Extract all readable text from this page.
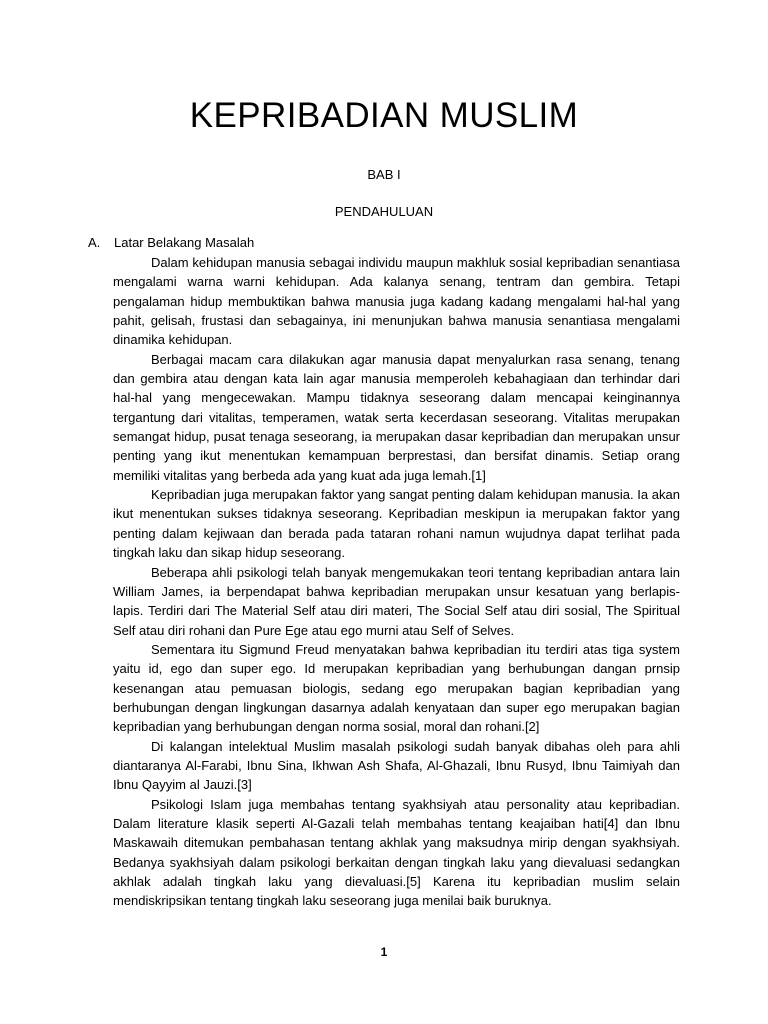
KEPRIBADIAN MUSLIM
BAB I
PENDAHULUAN
A. Latar Belakang Masalah

Dalam kehidupan manusia sebagai individu maupun makhluk sosial kepribadian senantiasa mengalami warna warni kehidupan. Ada kalanya senang, tentram dan gembira. Tetapi pengalaman hidup membuktikan bahwa manusia juga kadang kadang mengalami hal-hal yang pahit, gelisah, frustasi dan sebagainya, ini menunjukan bahwa manusia senantiasa mengalami dinamika kehidupan.

Berbagai macam cara dilakukan agar manusia dapat menyalurkan rasa senang, tenang dan gembira atau dengan kata lain agar manusia memperoleh kebahagiaan dan terhindar dari hal-hal yang mengecewakan. Mampu tidaknya seseorang dalam mencapai keinginannya tergantung dari vitalitas, temperamen, watak serta kecerdasan seseorang. Vitalitas merupakan semangat hidup, pusat tenaga seseorang, ia merupakan dasar kepribadian dan merupakan unsur penting yang ikut menentukan kemampuan berprestasi, dan bersifat dinamis. Setiap orang memiliki vitalitas yang berbeda ada yang kuat ada juga lemah.[1]

Kepribadian juga merupakan faktor yang sangat penting dalam kehidupan manusia. Ia akan ikut menentukan sukses tidaknya seseorang. Kepribadian meskipun ia merupakan faktor yang penting dalam kejiwaan dan berada pada tataran rohani namun wujudnya dapat terlihat pada tingkah laku dan sikap hidup seseorang.

Beberapa ahli psikologi telah banyak mengemukakan teori tentang kepribadian antara lain William James, ia berpendapat bahwa kepribadian merupakan unsur kesatuan yang berlapis-lapis. Terdiri dari The Material Self atau diri materi, The Social Self atau diri sosial, The Spiritual Self atau diri rohani dan Pure Ege atau ego murni atau Self of Selves.

Sementara itu Sigmund Freud menyatakan bahwa kepribadian itu terdiri atas tiga system yaitu id, ego dan super ego. Id merupakan kepribadian yang berhubungan dangan prnsip kesenangan atau pemuasan biologis, sedang ego merupakan bagian kepribadian yang berhubungan dengan lingkungan dasarnya adalah kenyataan dan super ego merupakan bagian kepribadian yang berhubungan dengan norma sosial, moral dan rohani.[2]

Di kalangan intelektual Muslim masalah psikologi sudah banyak dibahas oleh para ahli diantaranya Al-Farabi, Ibnu Sina, Ikhwan Ash Shafa, Al-Ghazali, Ibnu Rusyd, Ibnu Taimiyah dan Ibnu Qayyim al Jauzi.[3]

Psikologi Islam juga membahas tentang syakhsiyah atau personality atau kepribadian. Dalam literature klasik seperti Al-Gazali telah membahas tentang keajaiban hati[4] dan Ibnu Maskawaih ditemukan pembahasan tentang akhlak yang maksudnya mirip dengan syakhsiyah. Bedanya syakhsiyah dalam psikologi berkaitan dengan tingkah laku yang dievaluasi sedangkan akhlak adalah tingkah laku yang dievaluasi.[5] Karena itu kepribadian muslim selain mendiskripsikan tentang tingkah laku seseorang juga menilai baik buruknya.

1
